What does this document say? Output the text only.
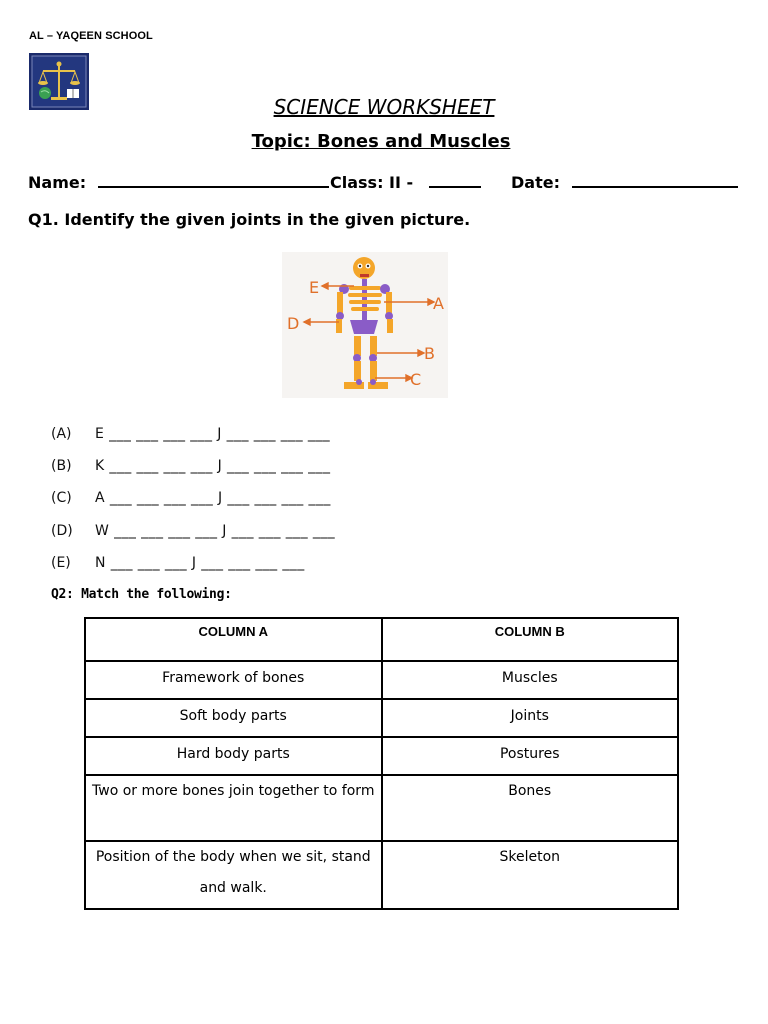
AL – YAQEEN SCHOOL
SCIENCE WORKSHEET
Topic: Bones and Muscles
Name:	Class: II -	Date:
Q1. Identify the given joints in the given picture.
E
A
D
B
C
(A) E ___ ___ ___ ___ J ___ ___ ___ ___
(B) K ___ ___ ___ ___ J ___ ___ ___ ___
(C) A ___ ___ ___ ___ J ___ ___ ___ ___
(D) W ___ ___ ___ ___ J ___ ___ ___ ___
(E) N ___ ___ ___ J ___ ___ ___ ___
Q2: Match the following:
COLUMN A	COLUMN B
Framework of bones	Muscles
Soft body parts	Joints
Hard body parts	Postures
Two or more bones join together to form	Bones
Position of the body when we sit, stand and walk.	Skeleton
